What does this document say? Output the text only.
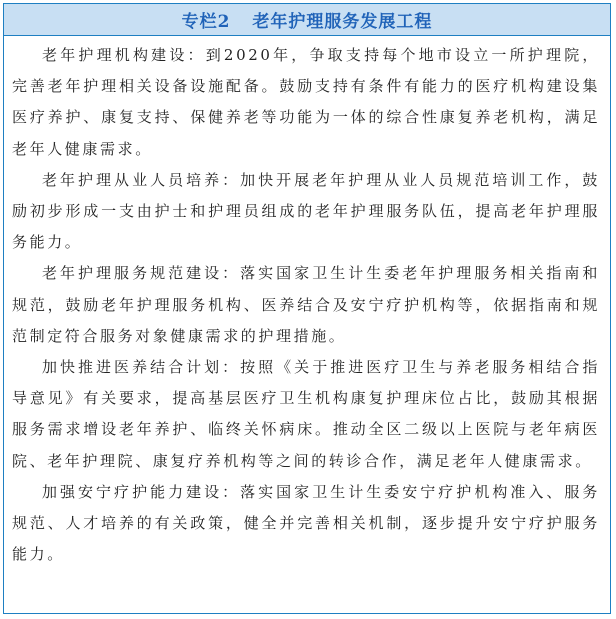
专栏2 老年护理服务发展工程

老年护理机构建设：到2020年，争取支持每个地市设立一所护理院，完善老年护理相关设备设施配备。鼓励支持有条件有能力的医疗机构建设集医疗养护、康复支持、保健养老等功能为一体的综合性康复养老机构，满足老年人健康需求。

老年护理从业人员培养：加快开展老年护理从业人员规范培训工作，鼓励初步形成一支由护士和护理员组成的老年护理服务队伍，提高老年护理服务能力。

老年护理服务规范建设：落实国家卫生计生委老年护理服务相关指南和规范，鼓励老年护理服务机构、医养结合及安宁疗护机构等，依据指南和规范制定符合服务对象健康需求的护理措施。

加快推进医养结合计划：按照《关于推进医疗卫生与养老服务相结合指导意见》有关要求，提高基层医疗卫生机构康复护理床位占比，鼓励其根据服务需求增设老年养护、临终关怀病床。推动全区二级以上医院与老年病医院、老年护理院、康复疗养机构等之间的转诊合作，满足老年人健康需求。

加强安宁疗护能力建设：落实国家卫生计生委安宁疗护机构准入、服务规范、人才培养的有关政策，健全并完善相关机制，逐步提升安宁疗护服务能力。
